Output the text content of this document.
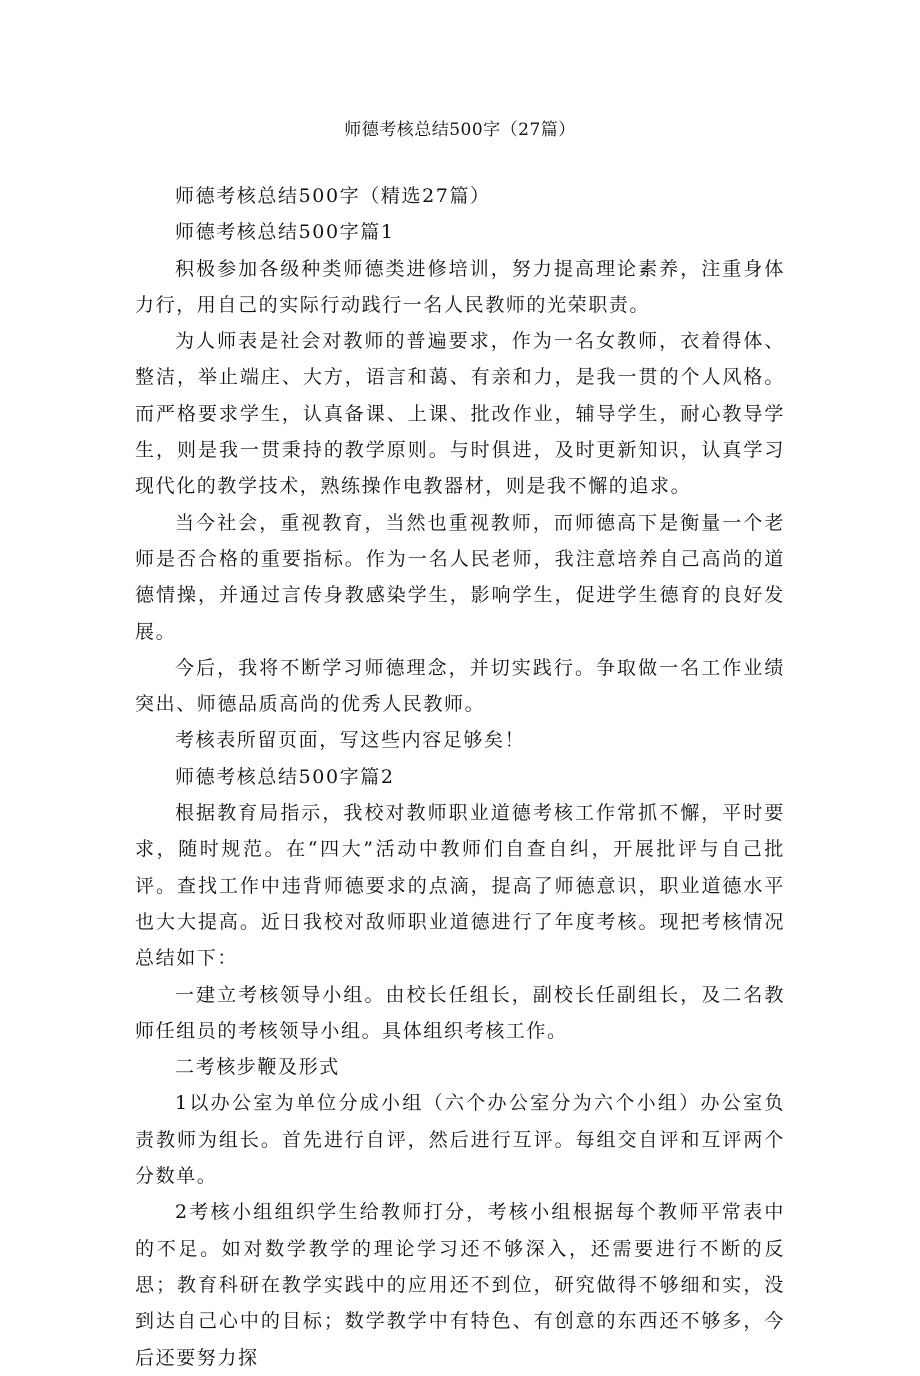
师德考核总结500字（27篇）

师德考核总结500字（精选27篇）

师德考核总结500字篇1

积极参加各级种类师德类进修培训，努力提高理论素养，注重身体力行，用自己的实际行动践行一名人民教师的光荣职责。

为人师表是社会对教师的普遍要求，作为一名女教师，衣着得体、整洁，举止端庄、大方，语言和蔼、有亲和力，是我一贯的个人风格。而严格要求学生，认真备课、上课、批改作业，辅导学生，耐心教导学生，则是我一贯秉持的教学原则。与时俱进，及时更新知识，认真学习现代化的教学技术，熟练操作电教器材，则是我不懈的追求。

当今社会，重视教育，当然也重视教师，而师德高下是衡量一个老师是否合格的重要指标。作为一名人民老师，我注意培养自己高尚的道德情操，并通过言传身教感染学生，影响学生，促进学生德育的良好发展。

今后，我将不断学习师德理念，并切实践行。争取做一名工作业绩突出、师德品质高尚的优秀人民教师。

考核表所留页面，写这些内容足够矣！

师德考核总结500字篇2

根据教育局指示，我校对教师职业道德考核工作常抓不懈，平时要求，随时规范。在“四大”活动中教师们自查自纠，开展批评与自己批评。查找工作中违背师德要求的点滴，提高了师德意识，职业道德水平也大大提高。近日我校对敌师职业道德进行了年度考核。现把考核情况总结如下：

一建立考核领导小组。由校长任组长，副校长任副组长，及二名教师任组员的考核领导小组。具体组织考核工作。

二考核步鞭及形式

1以办公室为单位分成小组（六个办公室分为六个小组）办公室负责教师为组长。首先进行自评，然后进行互评。每组交自评和互评两个分数单。

2考核小组组织学生给教师打分，考核小组根据每个教师平常表中的不足。如对数学教学的理论学习还不够深入，还需要进行不断的反思；教育科研在教学实践中的应用还不到位，研究做得不够细和实，没到达自己心中的目标；数学教学中有特色、有创意的东西还不够多，今后还要努力探
